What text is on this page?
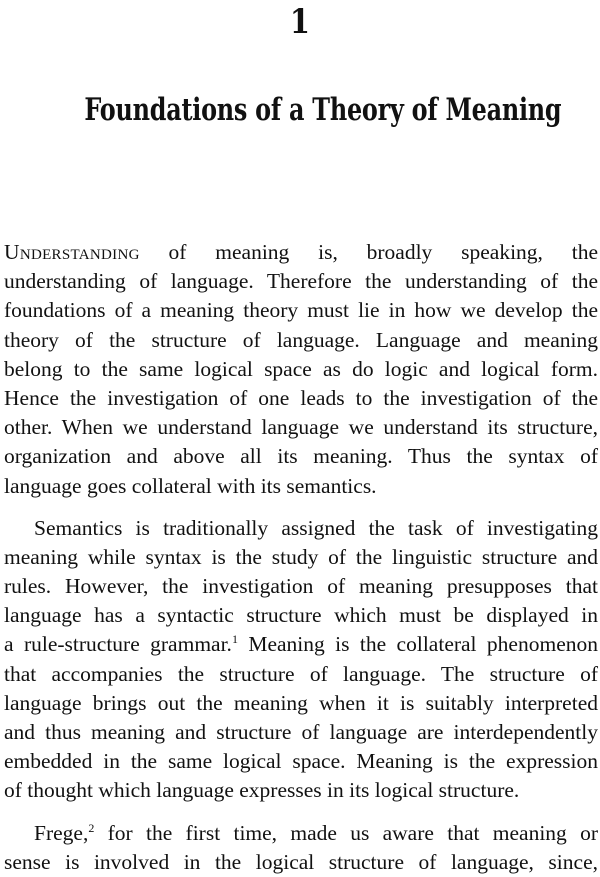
1
Foundations of a Theory of Meaning
Understanding of meaning is, broadly speaking, the
understanding of language. Therefore the understanding of the
foundations of a meaning theory must lie in how we develop the
theory of the structure of language. Language and meaning
belong to the same logical space as do logic and logical form.
Hence the investigation of one leads to the investigation of the
other. When we understand language we understand its structure,
organization and above all its meaning. Thus the syntax of
language goes collateral with its semantics.
Semantics is traditionally assigned the task of investigating
meaning while syntax is the study of the linguistic structure and
rules. However, the investigation of meaning presupposes that
language has a syntactic structure which must be displayed in
a rule-structure grammar.$^1$ Meaning is the collateral phenomenon
that accompanies the structure of language. The structure of
language brings out the meaning when it is suitably interpreted
and thus meaning and structure of language are interdependently
embedded in the same logical space. Meaning is the expression
of thought which language expresses in its logical structure.
Frege,$^2$ for the first time, made us aware that meaning or
sense is involved in the logical structure of language, since,
